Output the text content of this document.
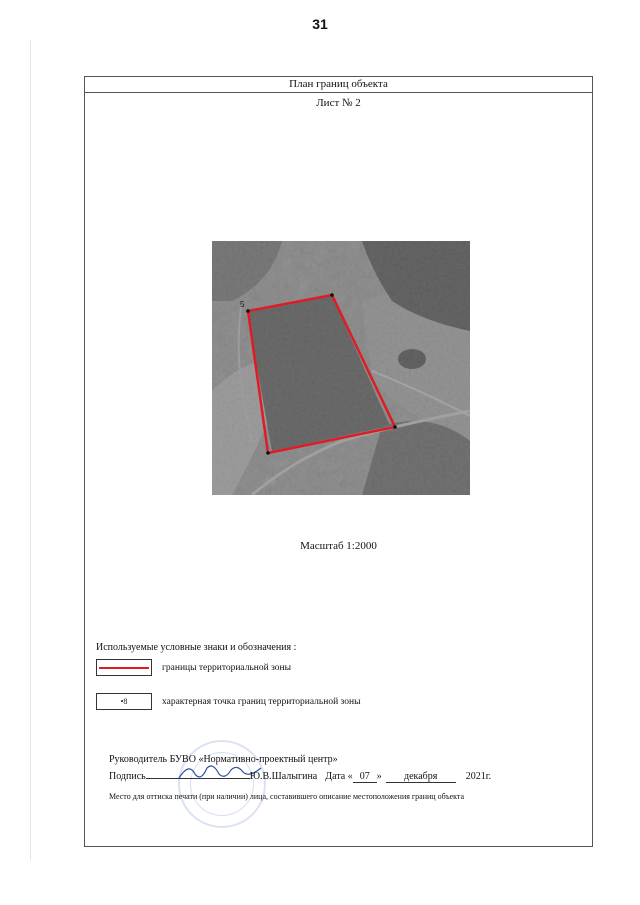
31
План границ объекта
Лист № 2
5
Масштаб 1:2000
Используемые условные знаки и обозначения :
границы территориальной зоны
•8	характерная точка границ территориальной зоны
Руководитель БУВО «Нормативно-проектный центр»
Подпись	Ю.В.Шалыгина Дата « 07 »	декабря	2021г.
Место для оттиска печати (при наличии) лица, составившего описание местоположения границ объекта
